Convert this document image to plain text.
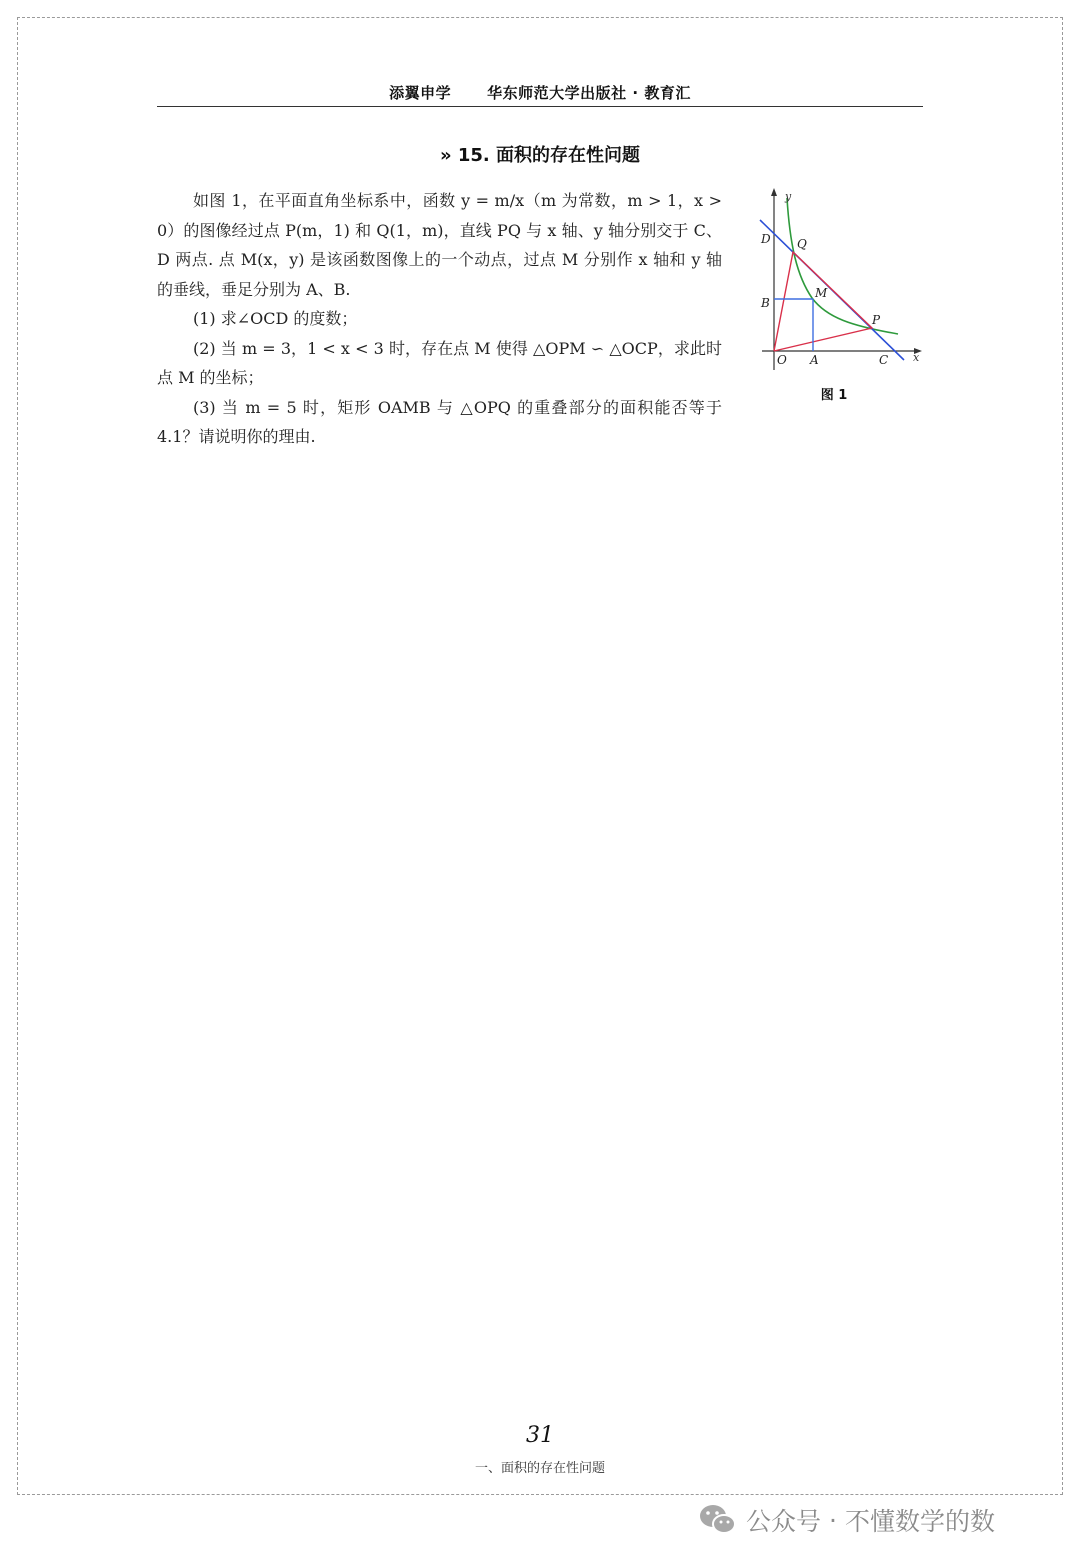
添翼申学 华东师范大学出版社 · 教育汇
» 15. 面积的存在性问题

如图 1，在平面直角坐标系中，函数 y = m/x（m 为常数，m > 1，x > 0）的图像经过点 P(m，1) 和 Q(1，m)，直线 PQ 与 x 轴、y 轴分别交于 C、D 两点. 点 M(x，y) 是该函数图像上的一个动点，过点 M 分别作 x 轴和 y 轴的垂线，垂足分别为 A、B.

(1) 求∠OCD 的度数；

(2) 当 m = 3，1 < x < 3 时，存在点 M 使得 △OPM ∽ △OCP，求此时点 M 的坐标；

(3) 当 m = 5 时，矩形 OAMB 与 △OPQ 的重叠部分的面积能否等于 4.1？请说明你的理由.

y
x
D Q
B
M
P
O A	C
图 1
31
一、面积的存在性问题
公众号 · 不懂数学的数
